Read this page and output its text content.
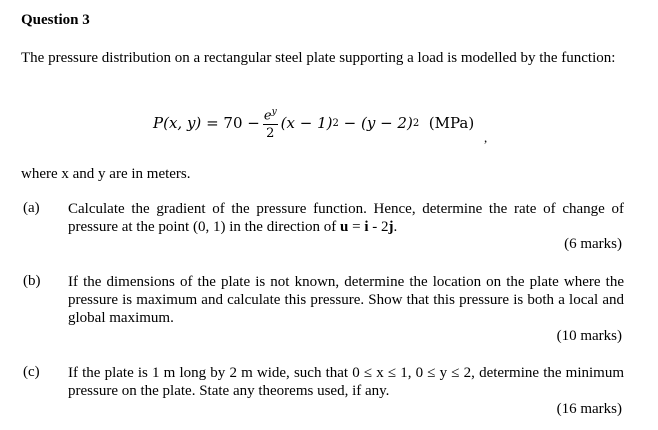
Question 3
The pressure distribution on a rectangular steel plate supporting a load is modelled by the function:
P(x, y)
=
70
− $\frac{e^y}{2} (x - 1)$ 2
−
(y − 2) 2
(MPa)
,
where x and y are in meters.
(a) Calculate the gradient of the pressure function. Hence, determine the rate of change of pressure at the point (0, 1) in the direction of u = i - 2j.
(6 marks)
(b) If the dimensions of the plate is not known, determine the location on the plate where the pressure is maximum and calculate this pressure. Show that this pressure is both a local and global maximum.
(10 marks)
(c) If the plate is 1 m long by 2 m wide, such that 0 ≤ x ≤ 1, 0 ≤ y ≤ 2, determine the minimum pressure on the plate. State any theorems used, if any.
(16 marks)
